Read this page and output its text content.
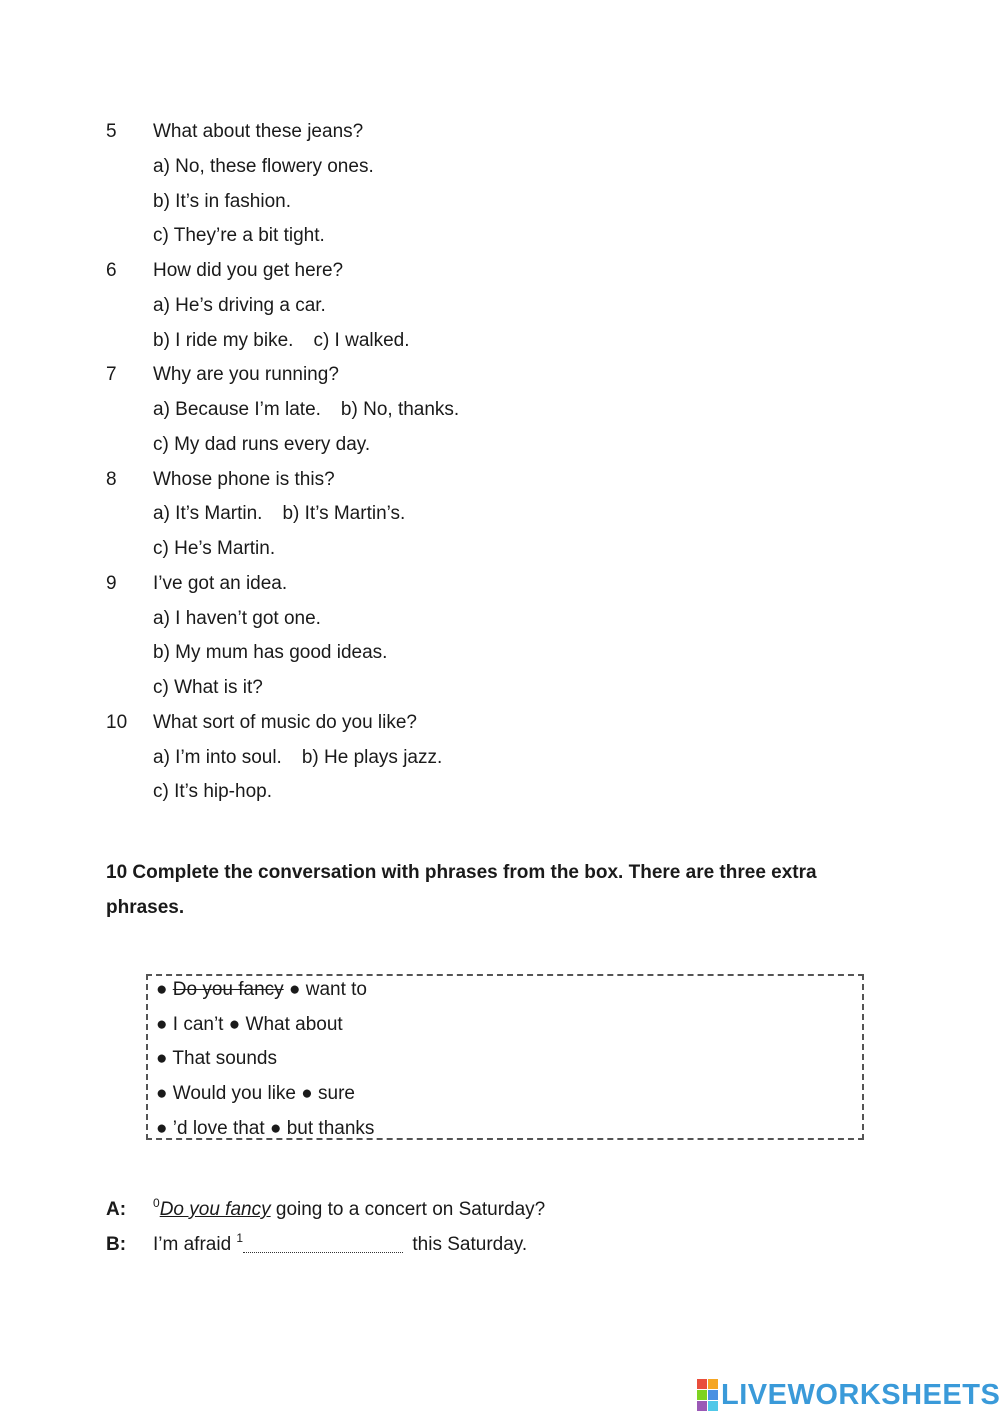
5 What about these jeans?
a) No, these flowery ones.
b) It’s in fashion.
c) They’re a bit tight.
6 How did you get here?
a) He’s driving a car.
b) I ride my bike. c) I walked.
7 Why are you running?
a) Because I’m late. b) No, thanks.
c) My dad runs every day.
8 Whose phone is this?
a) It’s Martin. b) It’s Martin’s.
c) He’s Martin.
9 I’ve got an idea.
a) I haven’t got one.
b) My mum has good ideas.
c) What is it?
10 What sort of music do you like?
a) I’m into soul. b) He plays jazz.
c) It’s hip-hop.
10 Complete the conversation with phrases from the box. There are three extra
phrases.
● Do you fancy ● want to
● I can’t ● What about
● That sounds
● Would you like ● sure
● ’d love that ● but thanks
A: $^0$Do you fancy going to a concert on Saturday?
B: I’m afraid $^1$	this Saturday.
LIVEWORKSHEETS
